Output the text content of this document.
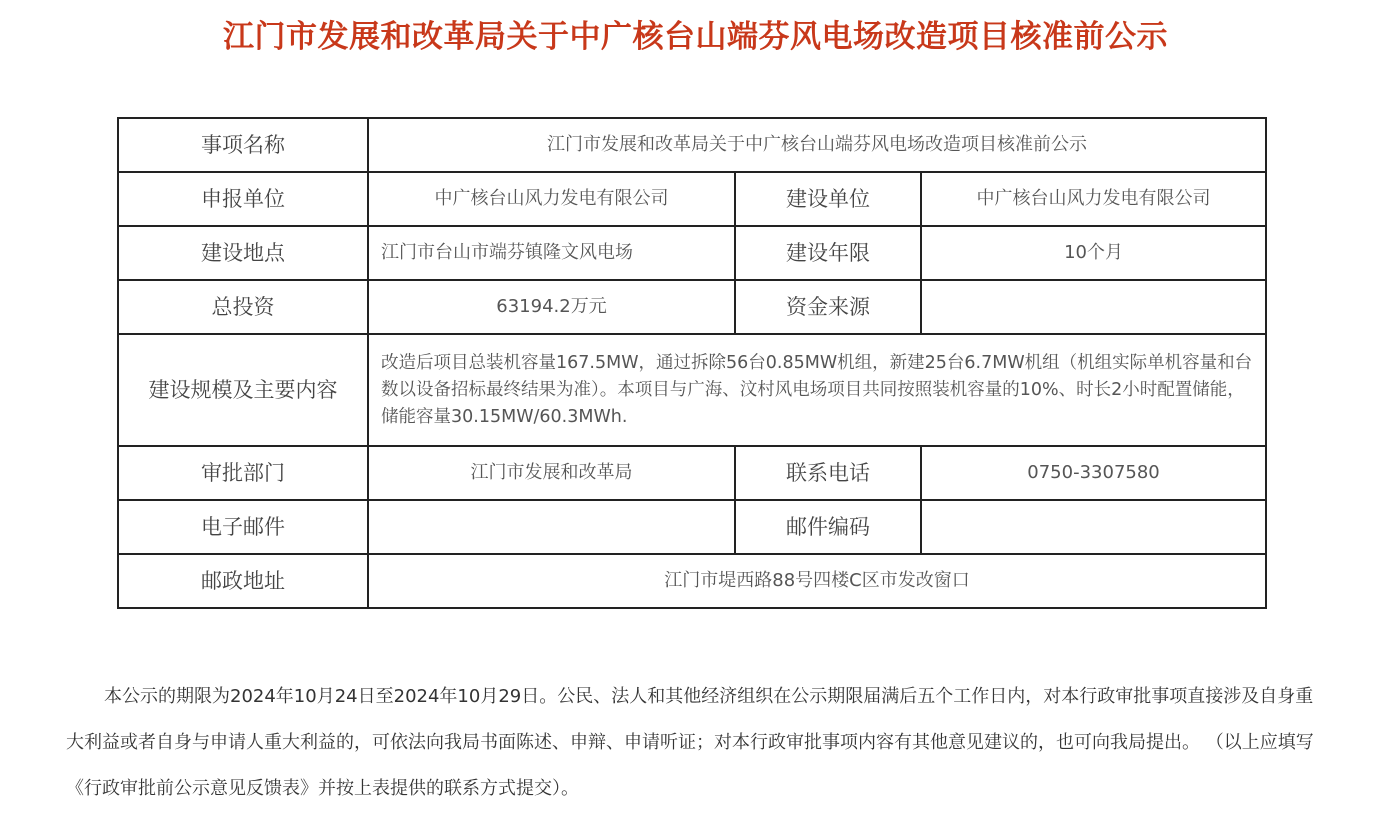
江门市发展和改革局关于中广核台山端芬风电场改造项目核准前公示
事项名称	江门市发展和改革局关于中广核台山端芬风电场改造项目核准前公示		
申报单位	中广核台山风力发电有限公司	建设单位	中广核台山风力发电有限公司
建设地点	江门市台山市端芬镇隆文风电场	建设年限	10个月
总投资	63194.2万元	资金来源	
建设规模及主要内容	改造后项目总装机容量167.5MW，通过拆除56台0.85MW机组，新建25台6.7MW机组（机组实际单机容量和台数以设备招标最终结果为准）。本项目与广海、汶村风电场项目共同按照装机容量的10%、时长2小时配置储能，储能容量30.15MW/60.3MWh.		
审批部门	江门市发展和改革局	联系电话	0750-3307580
电子邮件		邮件编码	
邮政地址	江门市堤西路88号四楼C区市发改窗口		

本公示的期限为2024年10月24日至2024年10月29日。公民、法人和其他经济组织在公示期限届满后五个工作日内，对本行政审批事项直接涉及自身重大利益或者自身与申请人重大利益的，可依法向我局书面陈述、申辩、申请听证；对本行政审批事项内容有其他意见建议的，也可向我局提出。 （以上应填写《行政审批前公示意见反馈表》并按上表提供的联系方式提交）。
